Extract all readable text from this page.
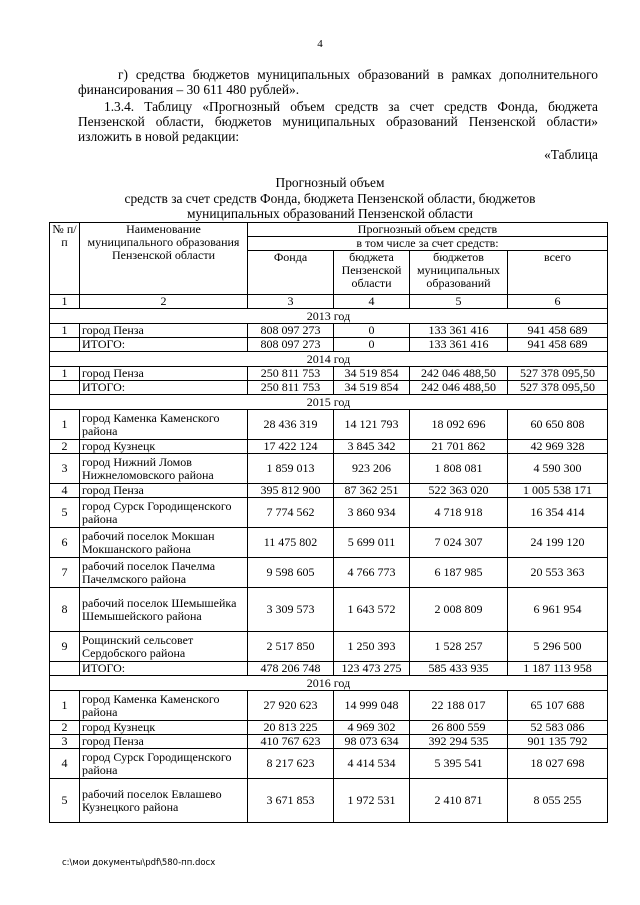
4
г) средства бюджетов муниципальных образований в рамках дополнительного финансирования – 30 611 480 рублей».
1.3.4. Таблицу «Прогнозный объем средств за счет средств Фонда, бюджета Пензенской области, бюджетов муниципальных образований Пензенской области» изложить в новой редакции:
«Таблица
Прогнозный объем
средств за счет средств Фонда, бюджета Пензенской области, бюджетов
муниципальных образований Пензенской области
№ п/п	Наименование муниципального образования Пензенской области	Прогнозный объем средств			
		в том числе за счет средств:			
		Фонда	бюджета Пензенской области	бюджетов муниципальных образований	всего
1	2	3	4	5	6
2013 год					
1	город Пенза	808 097 273	0	133 361 416	941 458 689
	ИТОГО:	808 097 273	0	133 361 416	941 458 689
2014 год					
1	город Пенза	250 811 753	34 519 854	242 046 488,50	527 378 095,50
	ИТОГО:	250 811 753	34 519 854	242 046 488,50	527 378 095,50
2015 год					
1	город Каменка Каменского района	28 436 319	14 121 793	18 092 696	60 650 808
2	город Кузнецк	17 422 124	3 845 342	21 701 862	42 969 328
3	город Нижний Ломов Нижнеломовского района	1 859 013	923 206	1 808 081	4 590 300
4	город Пенза	395 812 900	87 362 251	522 363 020	1 005 538 171
5	город Сурск Городищенского района	7 774 562	3 860 934	4 718 918	16 354 414
6	рабочий поселок Мокшан Мокшанского района	11 475 802	5 699 011	7 024 307	24 199 120
7	рабочий поселок Пачелма Пачелмского района	9 598 605	4 766 773	6 187 985	20 553 363
8	рабочий поселок Шемышейка Шемышейского района	3 309 573	1 643 572	2 008 809	6 961 954
9	Рощинский сельсовет Сердобского района	2 517 850	1 250 393	1 528 257	5 296 500
	ИТОГО:	478 206 748	123 473 275	585 433 935	1 187 113 958
2016 год					
1	город Каменка Каменского района	27 920 623	14 999 048	22 188 017	65 107 688
2	город Кузнецк	20 813 225	4 969 302	26 800 559	52 583 086
3	город Пенза	410 767 623	98 073 634	392 294 535	901 135 792
4	город Сурск Городищенского района	8 217 623	4 414 534	5 395 541	18 027 698
5	рабочий поселок Евлашево Кузнецкого района	3 671 853	1 972 531	2 410 871	8 055 255
c:\мои документы\pdf\580-пп.docx
